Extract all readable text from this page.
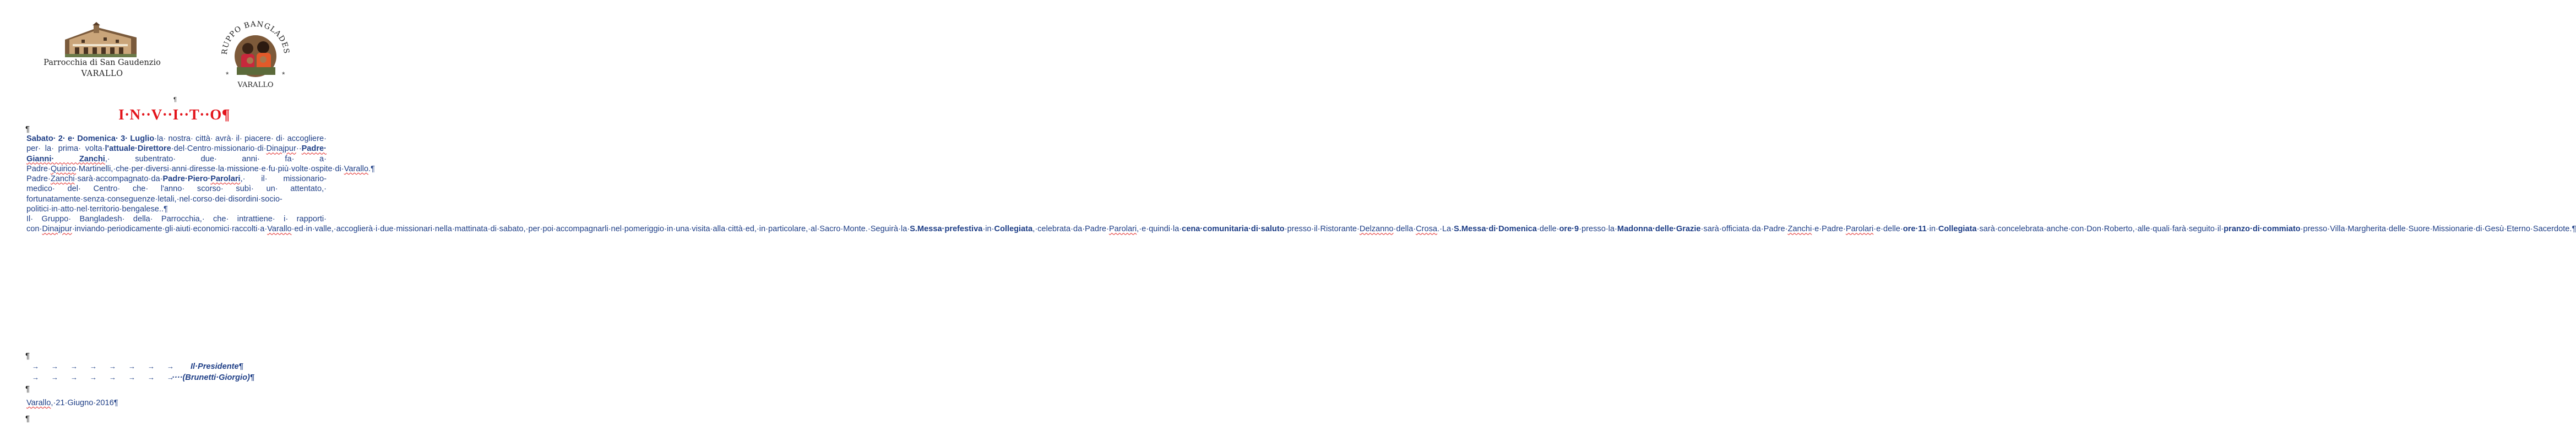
Parrocchia di San Gaudenzio
VARALLO
RUPPO BANGLADES
*	*
VARALLO
¶
I·N··V··I··T··O¶
¶

Sabato· 2· e· Domenica· 3· Luglio·la· nostra· città· avrà· il· piacere· di· accogliere· per· la· prima· volta·l'attuale·Direttore·del·Centro·missionario·di·Dinajpur··Padre· Gianni· Zanchi,· subentrato· due· anni· fa· a· Padre·Quirico·Martinelli,·che·per·diversi·anni·diresse·la·missione·e·fu·più·volte·ospite·di·Varallo.¶

Padre·Zanchi·sarà·accompagnato·da·Padre·Piero·Parolari,· il· missionario-medico· del· Centro· che· l'anno· scorso· subì· un· attentato,· fortunatamente·senza·conseguenze·letali,·nel·corso·dei·disordini·socio-politici·in·atto·nel·territorio·bengalese..¶

Il· Gruppo· Bangladesh· della· Parrocchia,· che· intrattiene· i· rapporti· con·Dinajpur·inviando·periodicamente·gli·aiuti·economici·raccolti·a·Varallo·ed·in·valle,·accoglierà·i·due·missionari·nella·mattinata·di·sabato,·per·poi·accompagnarli·nel·pomeriggio·in·una·visita·alla·città·ed,·in·particolare,·al·Sacro·Monte.·Seguirà·la·S.Messa·prefestiva·in·Collegiata,·celebrata·da·Padre·Parolari,·e·quindi·la·cena·comunitaria·di·saluto·presso·il·Ristorante·Delzanno·della·Crosa.·La·S.Messa·di·Domenica·delle·ore·9·presso·la·Madonna·delle·Grazie·sarà·officiata·da·Padre·Zanchi·e·Padre·Parolari·e·delle·ore·11·in·Collegiata·sarà·concelebrata·anche·con·Don·Roberto,·alle·quali·farà·seguito·il·pranzo·di·commiato·presso·Villa·Margherita·delle·Suore·Missionarie·di·Gesù·Eterno·Sacerdote.¶

¶
→→→→→→→→ Il·Presidente¶
→→→→→→→→
····(Brunetti·Giorgio)¶
¶
Varallo,·21·Giugno·2016¶
¶
